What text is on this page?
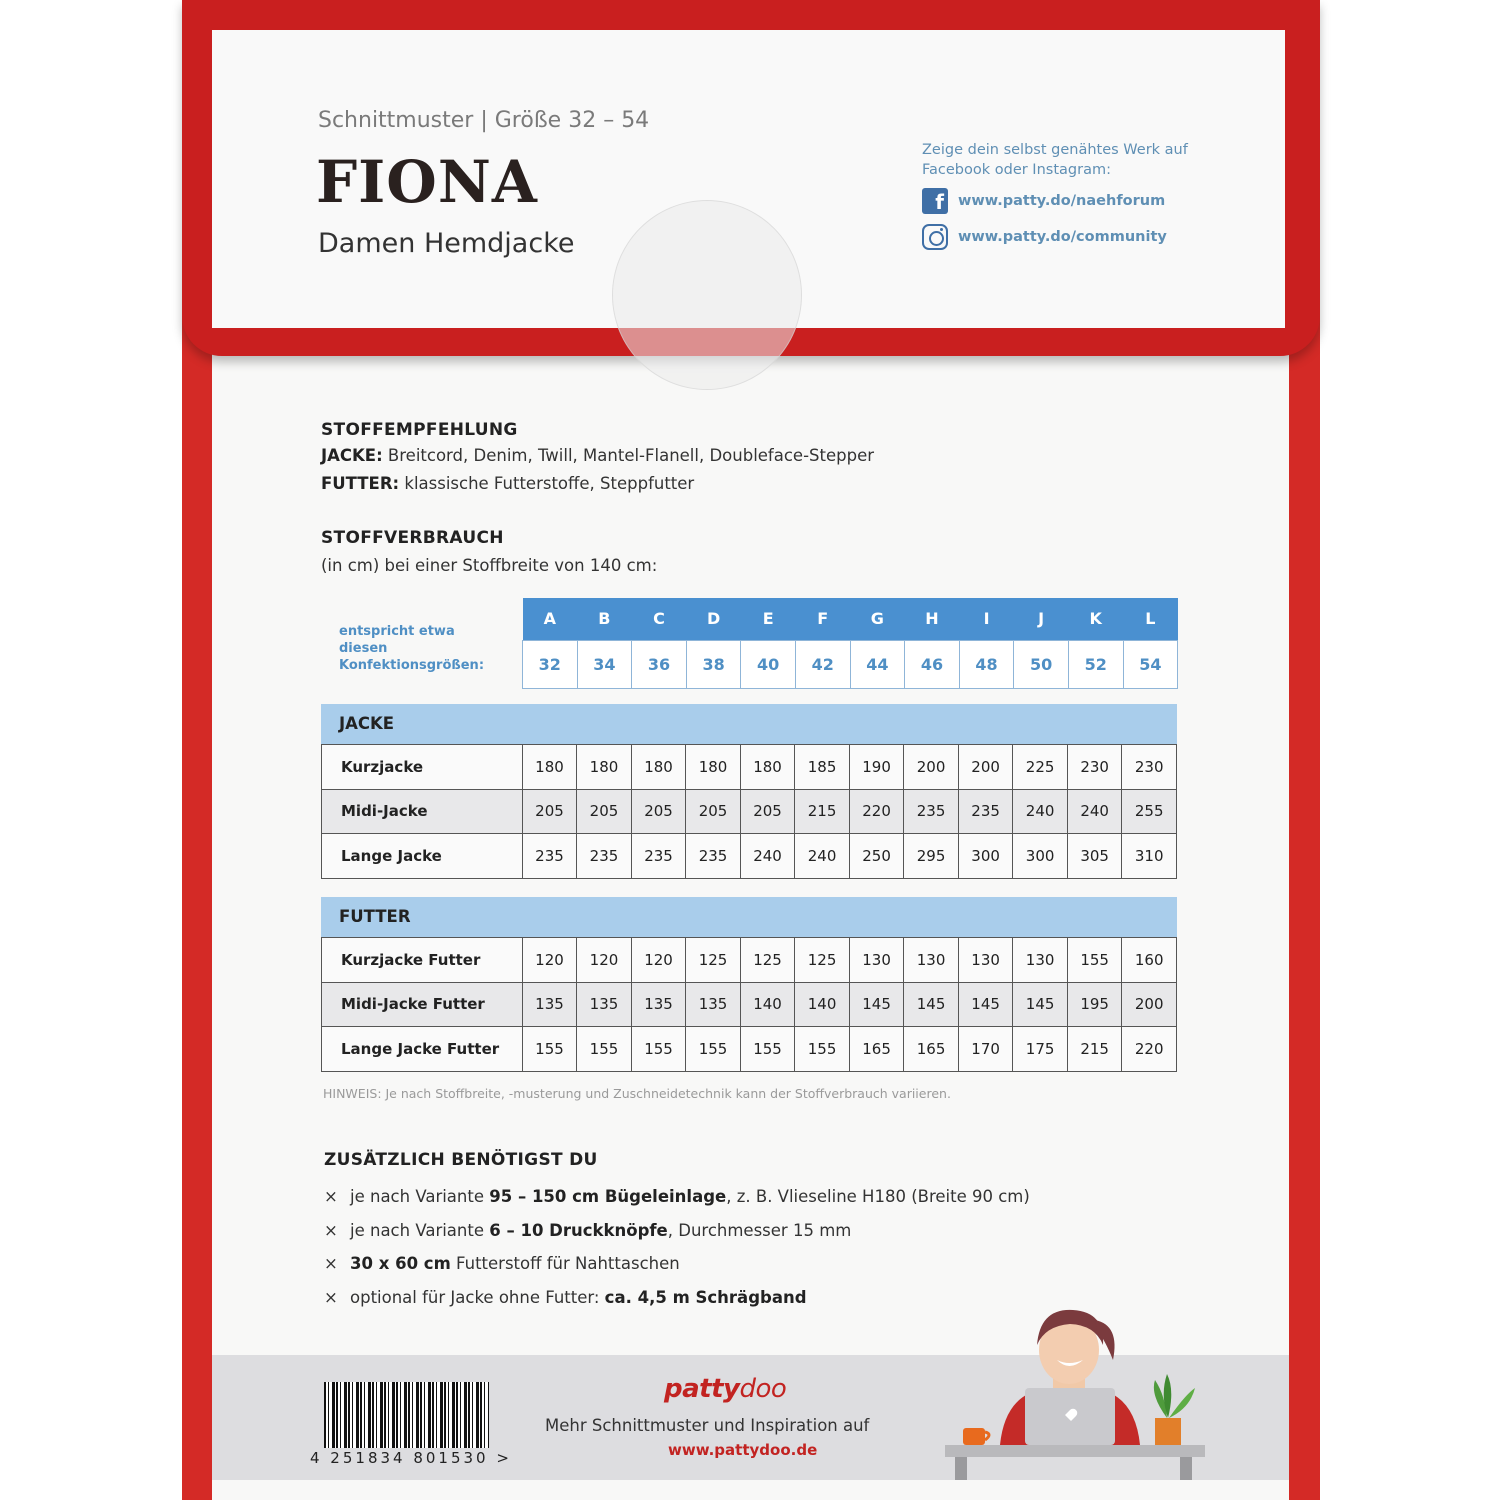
Schnittmuster | Größe 32 – 54
FIONA
Damen Hemdjacke
Zeige dein selbst genähtes Werk auf Facebook oder Instagram:
f www.patty.do/naehforum
www.patty.do/community
STOFFEMPFEHLUNG
JACKE: Breitcord, Denim, Twill, Mantel-Flanell, Doubleface-Stepper
FUTTER: klassische Futterstoffe, Steppfutter
STOFFVERBRAUCH
(in cm) bei einer Stoffbreite von 140 cm:
entspricht etwa diesen Konfektionsgrößen:
A	B	C	D	E	F	G	H	I	J	K	L
32	34	36	38	40	42	44	46	48	50	52	54
JACKE
Kurzjacke	180	180	180	180	180	185	190	200	200	225	230	230
Midi-Jacke	205	205	205	205	205	215	220	235	235	240	240	255
Lange Jacke	235	235	235	235	240	240	250	295	300	300	305	310
FUTTER
Kurzjacke Futter	120	120	120	125	125	125	130	130	130	130	155	160
Midi-Jacke Futter	135	135	135	135	140	140	145	145	145	145	195	200
Lange Jacke Futter	155	155	155	155	155	155	165	165	170	175	215	220
HINWEIS: Je nach Stoffbreite, -musterung und Zuschneidetechnik kann der Stoffverbrauch variieren.
ZUSÄTZLICH BENÖTIGST DU
× je nach Variante 95 – 150 cm Bügeleinlage, z. B. Vlieseline H180 (Breite 90 cm)
× je nach Variante 6 – 10 Druckknöpfe, Durchmesser 15 mm
× 30 x 60 cm Futterstoff für Nahttaschen
× optional für Jacke ohne Futter: ca. 4,5 m Schrägband
4 251834 801530 >
pattydoo
Mehr Schnittmuster und Inspiration auf
www.pattydoo.de
